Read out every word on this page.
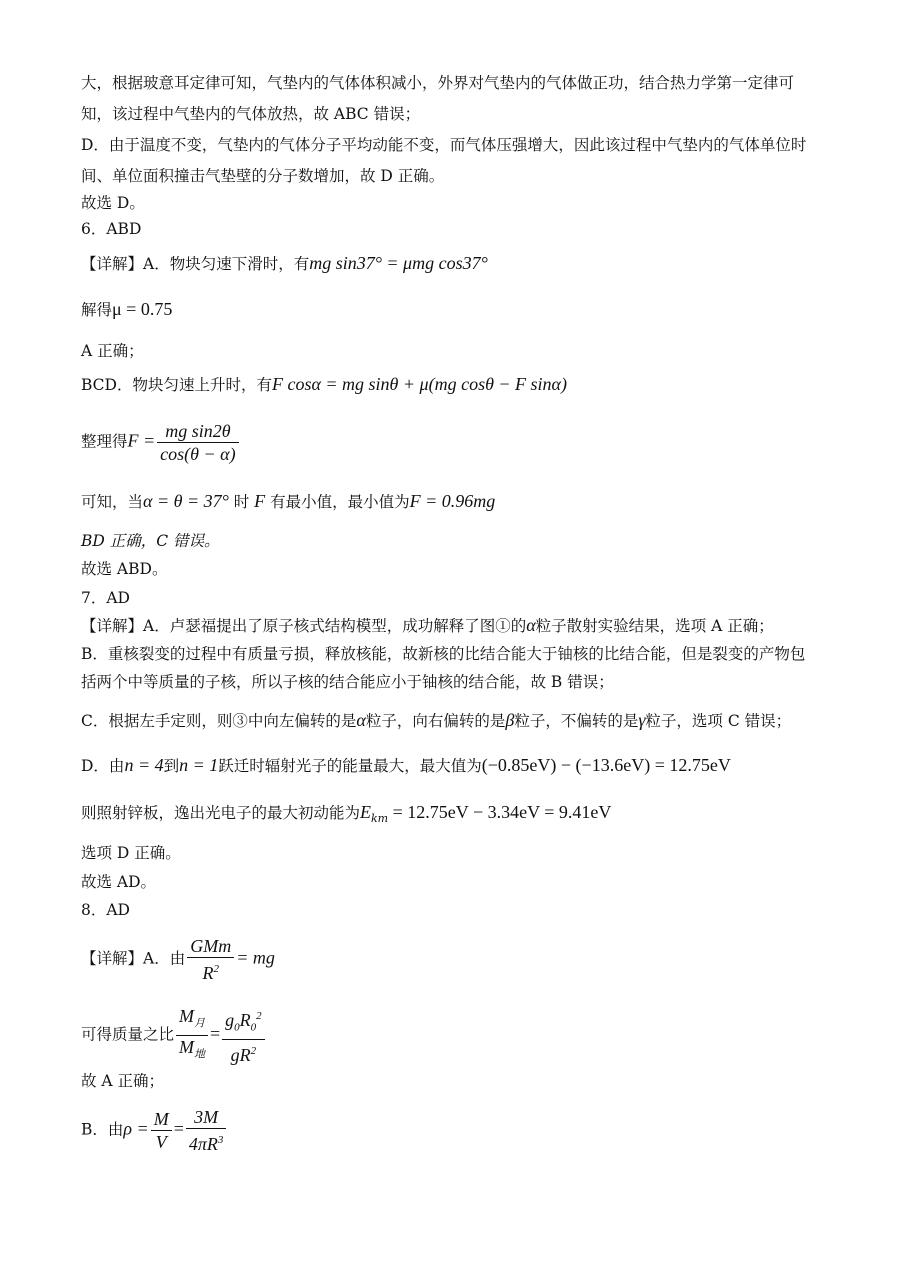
大，根据玻意耳定律可知，气垫内的气体体积减小，外界对气垫内的气体做正功，结合热力学第一定律可
知，该过程中气垫内的气体放热，故 ABC 错误；
D．由于温度不变，气垫内的气体分子平均动能不变，而气体压强增大，因此该过程中气垫内的气体单位时
间、单位面积撞击气垫壁的分子数增加，故 D 正确。
故选 D。
6．ABD
【详解】A．物块匀速下滑时，有mg sin37° = μmg cos37°
解得μ = 0.75
A 正确；
BCD．物块匀速上升时，有F cosα = mg sinθ + μ(mg cosθ − F sinα)
整理得$F = \frac{\text{mg sin2θ}}{\cos(\theta - \alpha)}$
可知，当α = θ = 37° 时 F 有最小值，最小值为F = 0.96mg
BD 正确，C 错误。
故选 ABD。
7．AD
【详解】A．卢瑟福提出了原子核式结构模型，成功解释了图①的α粒子散射实验结果，选项 A 正确；
B．重核裂变的过程中有质量亏损，释放核能，故新核的比结合能大于铀核的比结合能，但是裂变的产物包
括两个中等质量的子核，所以子核的结合能应小于铀核的结合能，故 B 错误；
C．根据左手定则，则③中向左偏转的是α粒子，向右偏转的是β粒子，不偏转的是γ粒子，选项 C 错误；
D．由n = 4到n = 1跃迁时辐射光子的能量最大，最大值为(−0.85eV) − (−13.6eV) = 12.75eV
则照射锌板，逸出光电子的最大初动能为$E_{km} = 12.75eV - 3.34eV = 9.41eV$
选项 D 正确。
故选 AD。
8．AD
【详解】A．由 $\frac{\text{GMm}}{R^2}$ = mg
可得质量之比 $\frac{M_月}{M_地} = \frac{g_0R_0^2}{gR^2}$
故 A 正确；
B．由$\rho = \frac{M}{V} = \frac{3M}{4\pi R^3}$
